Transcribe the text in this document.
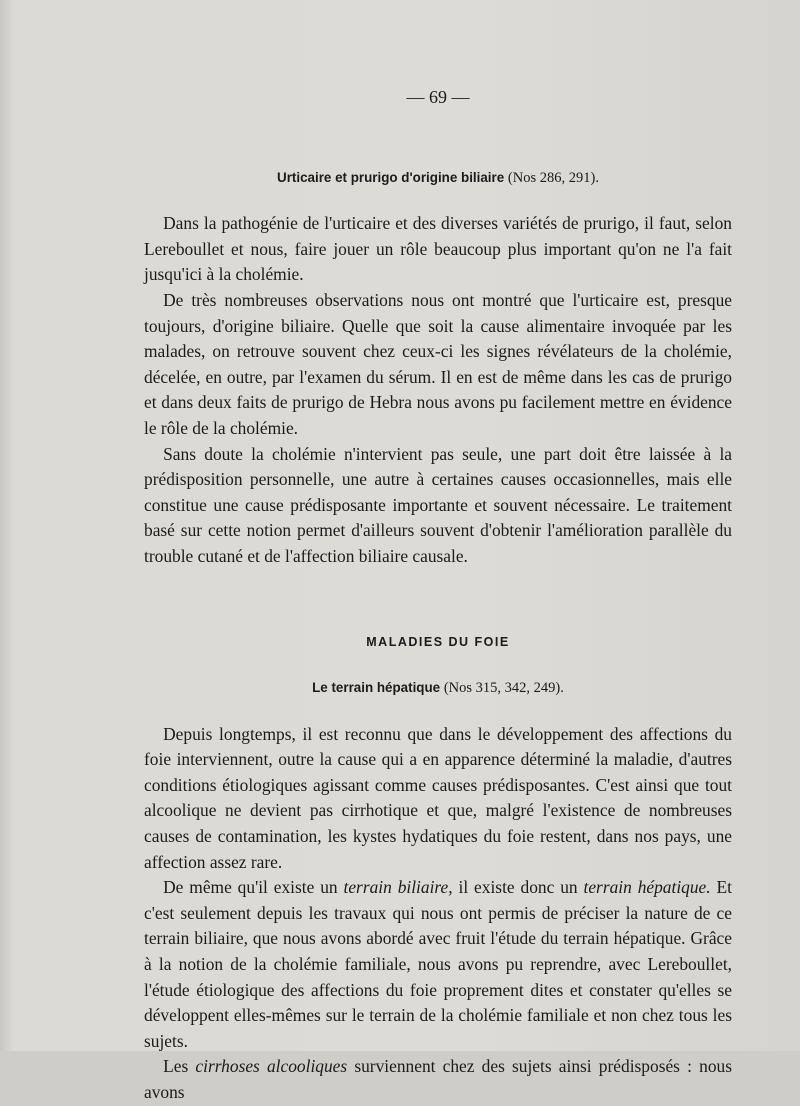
— 69 —
Urticaire et prurigo d'origine biliaire (Nos 286, 291).

Dans la pathogénie de l'urticaire et des diverses variétés de prurigo, il faut, selon Lereboullet et nous, faire jouer un rôle beaucoup plus important qu'on ne l'a fait jusqu'ici à la cholémie.

De très nombreuses observations nous ont montré que l'urticaire est, presque toujours, d'origine biliaire. Quelle que soit la cause alimentaire invoquée par les malades, on retrouve souvent chez ceux-ci les signes révélateurs de la cholémie, décelée, en outre, par l'examen du sérum. Il en est de même dans les cas de prurigo et dans deux faits de prurigo de Hebra nous avons pu facilement mettre en évidence le rôle de la cholémie.

Sans doute la cholémie n'intervient pas seule, une part doit être laissée à la prédisposition personnelle, une autre à certaines causes occasionnelles, mais elle constitue une cause prédisposante importante et souvent nécessaire. Le traitement basé sur cette notion permet d'ailleurs souvent d'obtenir l'amélioration parallèle du trouble cutané et de l'affection biliaire causale.

MALADIES DU FOIE
Le terrain hépatique (Nos 315, 342, 249).

Depuis longtemps, il est reconnu que dans le développement des affections du foie interviennent, outre la cause qui a en apparence déterminé la maladie, d'autres conditions étiologiques agissant comme causes prédisposantes. C'est ainsi que tout alcoolique ne devient pas cirrhotique et que, malgré l'existence de nombreuses causes de contamination, les kystes hydatiques du foie restent, dans nos pays, une affection assez rare.

De même qu'il existe un terrain biliaire, il existe donc un terrain hépatique. Et c'est seulement depuis les travaux qui nous ont permis de préciser la nature de ce terrain biliaire, que nous avons abordé avec fruit l'étude du terrain hépatique. Grâce à la notion de la cholémie familiale, nous avons pu reprendre, avec Lereboullet, l'étude étiologique des affections du foie proprement dites et constater qu'elles se développent elles-mêmes sur le terrain de la cholémie familiale et non chez tous les sujets.

Les cirrhoses alcooliques surviennent chez des sujets ainsi prédisposés : nous avons
